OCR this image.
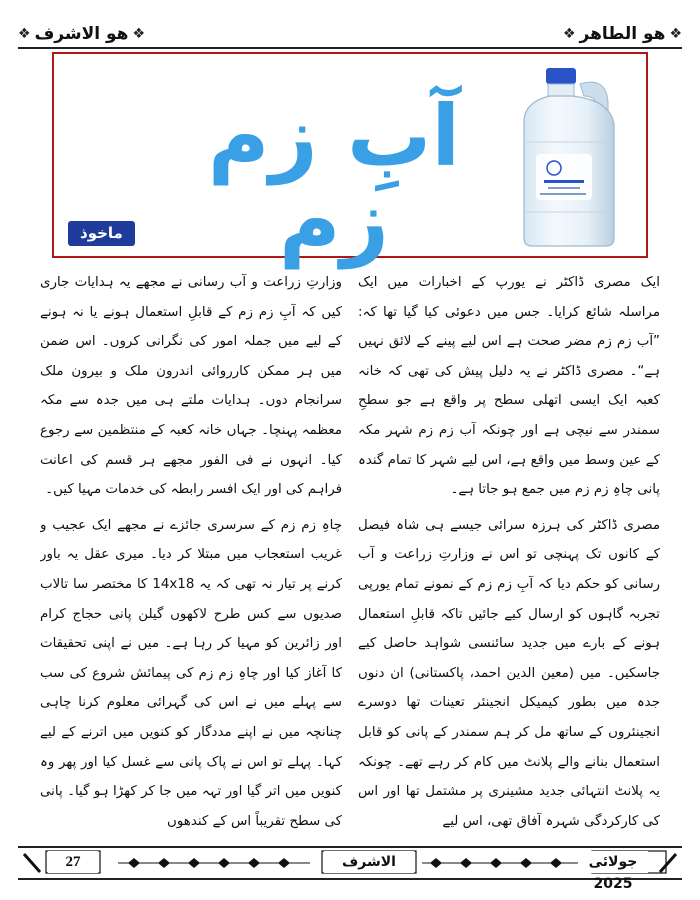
❖
هو الاشرف
❖	❖
هو الطاهر
❖
آبِ زم زم
ماخوذ

ایک مصری ڈاکٹر نے یورپ کے اخبارات میں ایک مراسلہ شائع کرایا۔ جس میں دعوئی کیا گیا تھا کہ: ”آب زم زم مضر صحت ہے اس لیے پینے کے لائق نہیں ہے“۔ مصری ڈاکٹر نے یہ دلیل پیش کی تھی کہ خانہ کعبہ ایک ایسی اتھلی سطح پر واقع ہے جو سطحِ سمندر سے نیچی ہے اور چونکہ آب زم زم شہر مکہ کے عین وسط میں واقع ہے، اس لیے شہر کا تمام گندہ پانی چاہِ زم زم میں جمع ہو جاتا ہے۔

مصری ڈاکٹر کی ہرزہ سرائی جیسے ہی شاہ فیصل کے کانوں تک پہنچی تو اس نے وزارتِ زراعت و آب رسانی کو حکم دیا کہ آبِ زم زم کے نمونے تمام یورپی تجربہ گاہوں کو ارسال کیے جائیں تاکہ قابلِ استعمال ہونے کے بارے میں جدید سائنسی شواہد حاصل کیے جاسکیں۔ میں (معین الدین احمد، پاکستانی) ان دنوں جدہ میں بطور کیمیکل انجینئر تعینات تھا دوسرے انجینئروں کے ساتھ مل کر ہم سمندر کے پانی کو قابل استعمال بنانے والے پلانٹ میں کام کر رہے تھے۔ چونکہ یہ پلانٹ انتہائی جدید مشینری پر مشتمل تھا اور اس کی کارکردگی شہرہ آفاق تھی، اس لیے

وزارتِ زراعت و آب رسانی نے مجھے یہ ہدایات جاری کیں کہ آبِ زم زم کے قابلِ استعمال ہونے یا نہ ہونے کے لیے میں جملہ امور کی نگرانی کروں۔ اس ضمن میں ہر ممکن کارروائی اندرون ملک و بیرون ملک سرانجام دوں۔ ہدایات ملتے ہی میں جدہ سے مکہ معظمہ پہنچا۔ جہاں خانہ کعبہ کے منتظمین سے رجوع کیا۔ انہوں نے فی الفور مجھے ہر قسم کی اعانت فراہم کی اور ایک افسر رابطہ کی خدمات مہیا کیں۔

چاہِ زم زم کے سرسری جائزے نے مجھے ایک عجیب و غریب استعجاب میں مبتلا کر دیا۔ میری عقل یہ باور کرنے پر تیار نہ تھی کہ یہ 14x18 کا مختصر سا تالاب صدیوں سے کس طرح لاکھوں گیلن پانی حجاج کرام اور زائرین کو مہیا کر رہا ہے۔ میں نے اپنی تحقیقات کا آغاز کیا اور چاہِ زم زم کی پیمائش شروع کی سب سے پہلے میں نے اس کی گہرائی معلوم کرنا چاہی چنانچہ میں نے اپنے مددگار کو کنویں میں اترنے کے لیے کہا۔ پہلے تو اس نے پاک پانی سے غسل کیا اور پھر وہ کنویں میں اتر گیا اور تہہ میں جا کر کھڑا ہو گیا۔ پانی کی سطح تقریباً اس کے کندھوں

27	الاشرف	جولائی 2025
